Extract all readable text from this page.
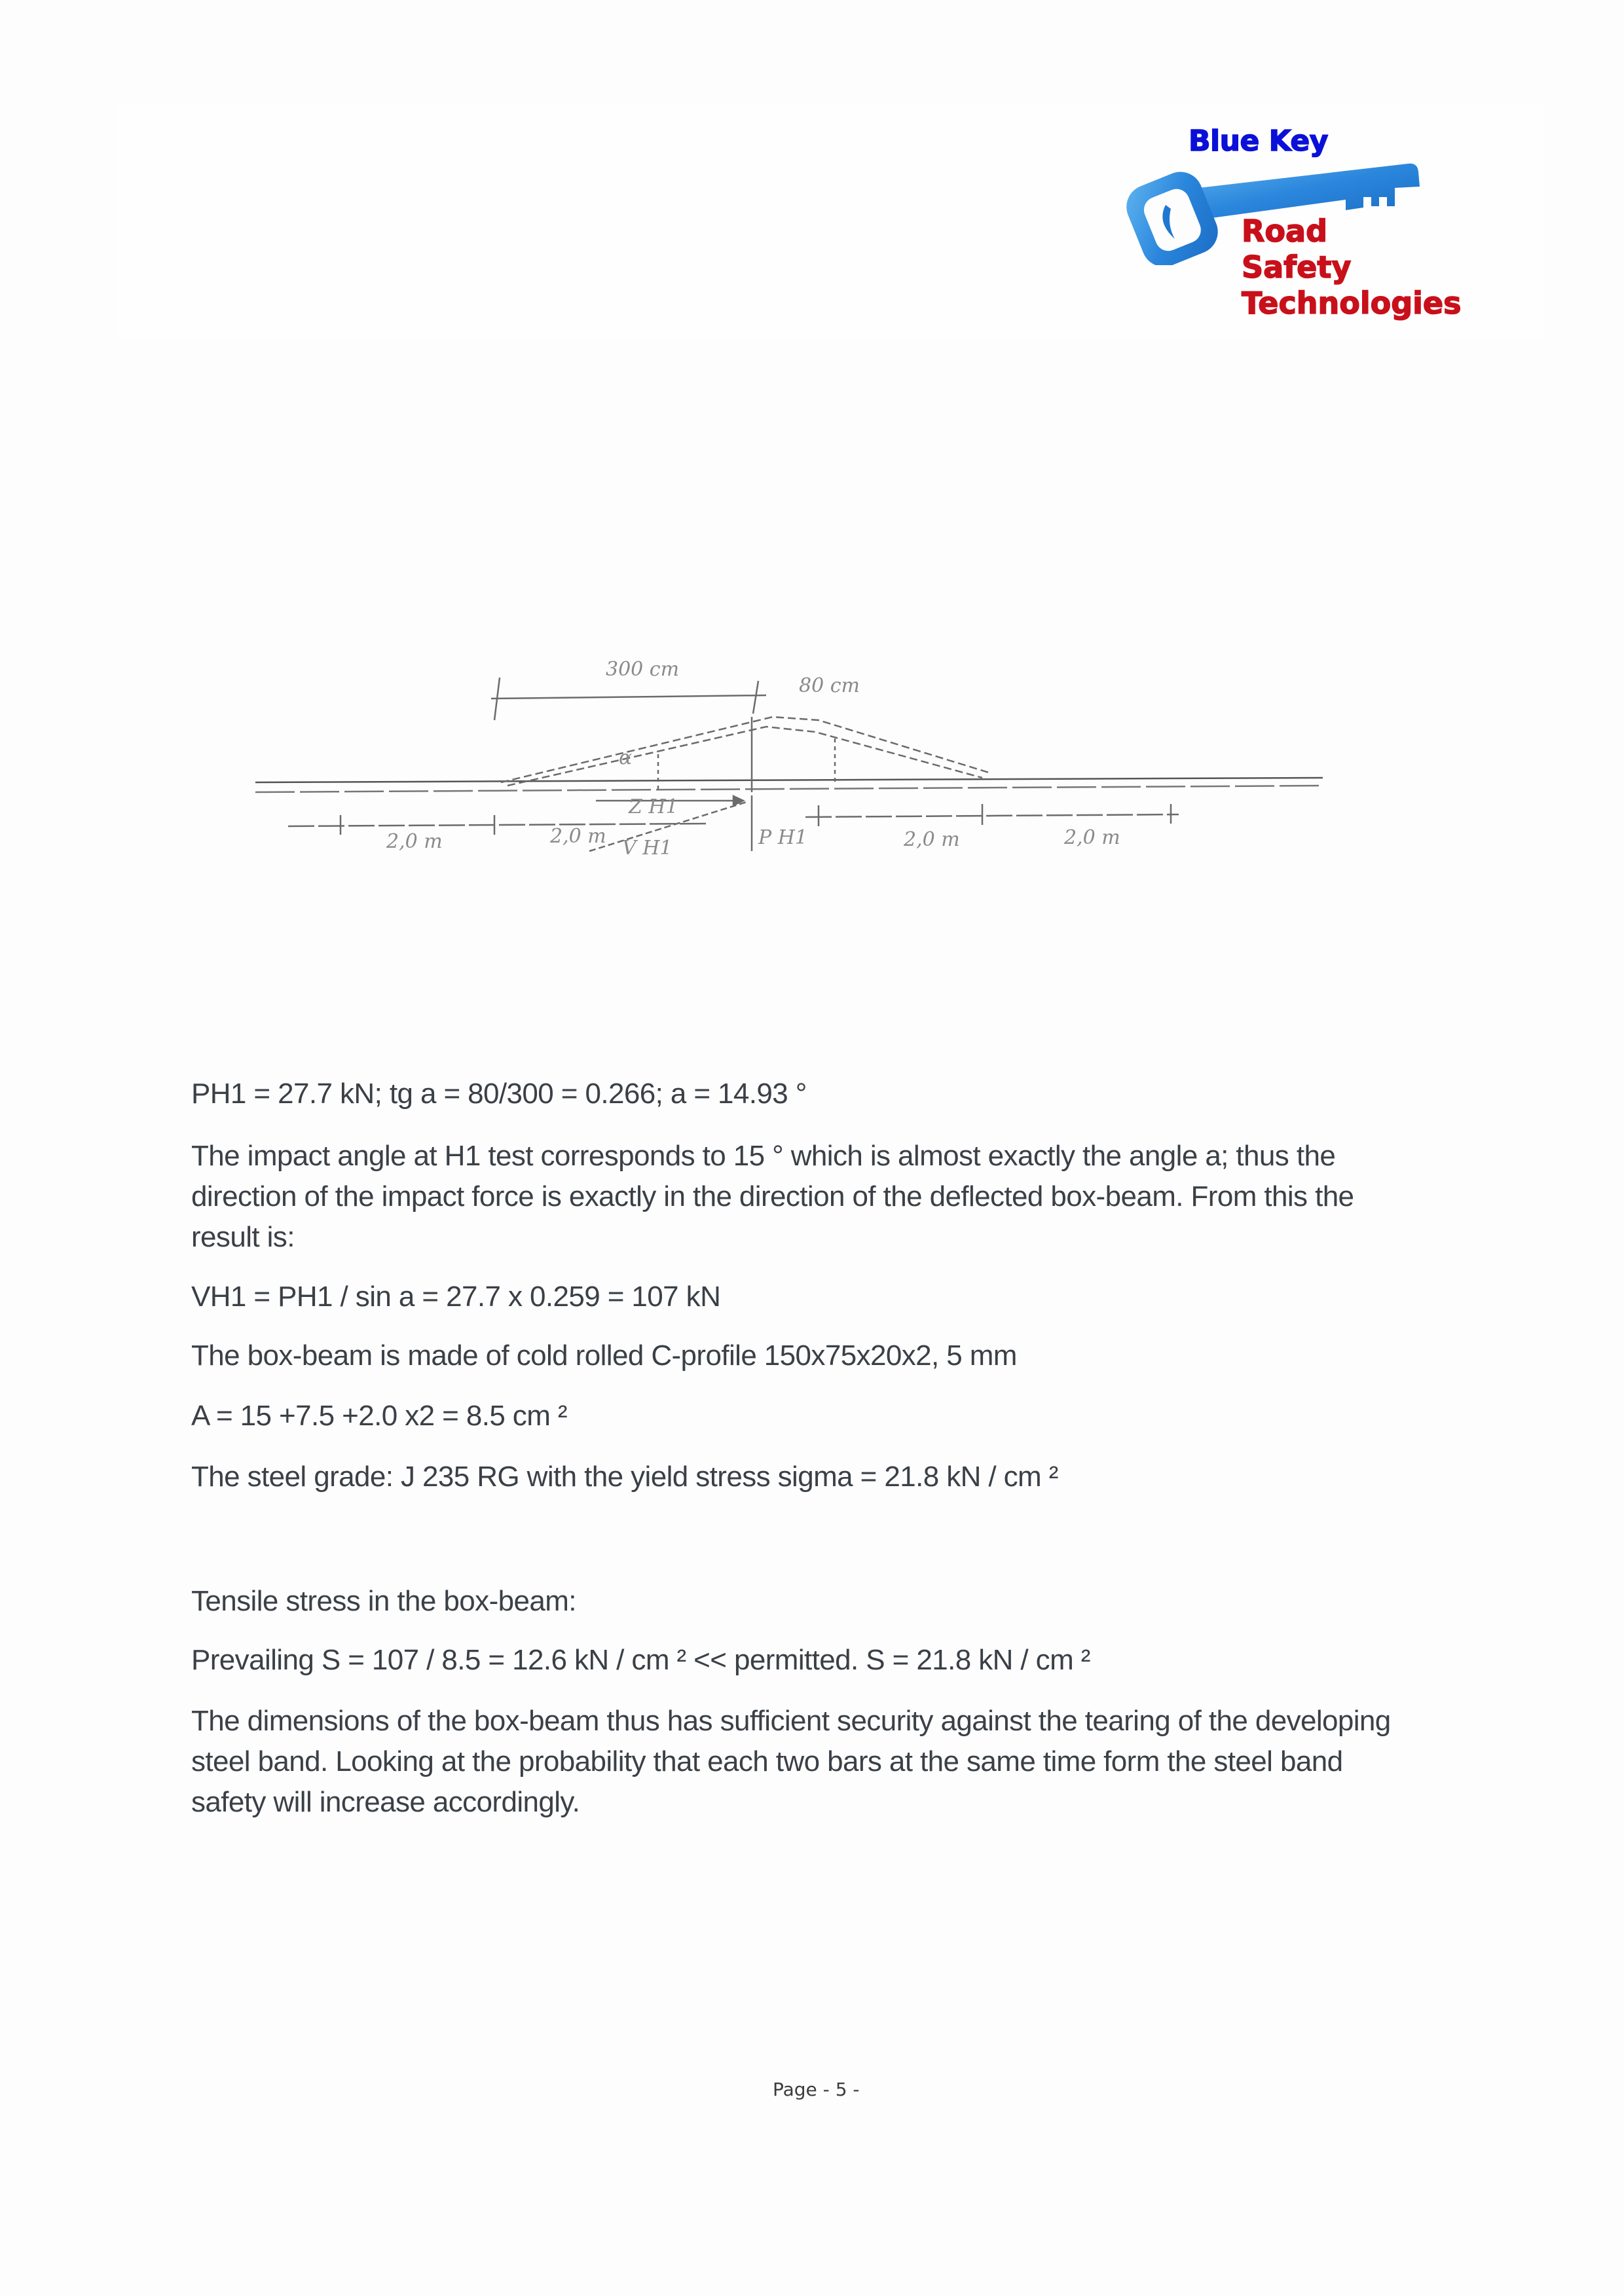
Blue Key
Road
Safety
Technologies
300 cm
80 cm
α
2,0 m	2,0 m	2,0 m	2,0 m
Z H1
V H1	P H1
PH1 = 27.7 kN; tg a = 80/300 = 0.266; a = 14.93 °
The impact angle at H1 test corresponds to 15 ° which is almost exactly the angle a; thus the direction of the impact force is exactly in the direction of the deflected box-beam. From this the result is:
VH1 = PH1 / sin a = 27.7 x 0.259 = 107 kN
The box-beam is made of cold rolled C-profile 150x75x20x2, 5 mm
A = 15 +7.5 +2.0 x2 = 8.5 cm ²
The steel grade: J 235 RG with the yield stress sigma = 21.8 kN / cm ²
Tensile stress in the box-beam:
Prevailing S = 107 / 8.5 = 12.6 kN / cm ² << permitted. S = 21.8 kN / cm ²
The dimensions of the box-beam thus has sufficient security against the tearing of the developing steel band. Looking at the probability that each two bars at the same time form the steel band safety will increase accordingly.
Page - 5 -
